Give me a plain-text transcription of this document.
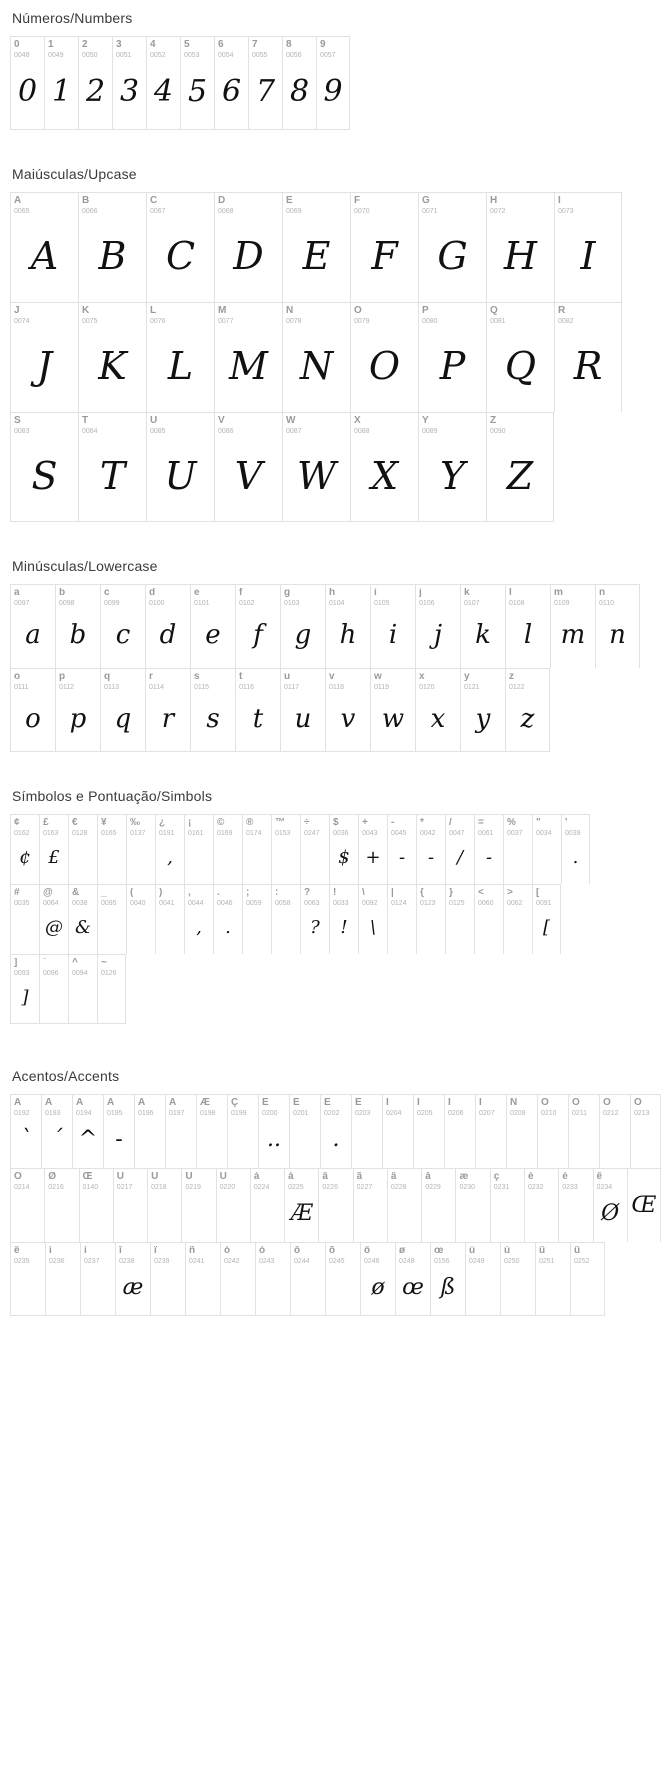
Números/Numbers
0
0048
0
1
0049
1
2
0050
2
3
0051
3
4
0052
4
5
0053
5
6
0054
6
7
0055
7
8
0056
8
9
0057
9
Maiúsculas/Upcase
A
0065
A
B
0066
B
C
0067
C
D
0068
D
E
0069
E
F
0070
F
G
0071
G
H
0072
H
I
0073
I
J
0074
J
K
0075
K
L
0076
L
M
0077
M
N
0078
N
O
0079
O
P
0080
P
Q
0081
Q
R
0082
R
S
0083
S
T
0084
T
U
0085
U
V
0086
V
W
0087
W
X
0088
X
Y
0089
Y
Z
0090
Z
Minúsculas/Lowercase
a
0097
a
b
0098
b
c
0099
c
d
0100
d
e
0101
e
f
0102
f
g
0103
g
h
0104
h
i
0105
i
j
0106
j
k
0107
k
l
0108
l
m
0109
m
n
0110
n
o
0111
o
p
0112
p
q
0113
q
r
0114
r
s
0115
s
t
0116
t
u
0117
u
v
0118
v
w
0119
w
x
0120
x
y
0121
y
z
0122
z
Símbolos e Pontuação/Simbols
¢
0162
¢
£
0163
£
€
0128
¥
0165
‰
0137
¿
0191
,
¡
0161
©
0169
®
0174
™
0153
÷
0247
$
0036
$
+
0043
+
-
0045
-
*
0042
-
/
0047
/
=
0061
-
%
0037
"
0034
'
0039
.
#
0035
@
0064
@
&
0038
&
_
0095
(
0040
)
0041
,
0044
,
.
0046
.
;
0059
:
0058
?
0063
?
!
0033
!
\
0092
\
|
0124
{
0123
}
0125
<
0060
>
0062
[
0091
[
]
0093
]
`
0096
^
0094
~
0126
Acentos/Accents
À
0192
`
Á
0193
´
Â
0194
^
Ã
0195
-
Ä
0196
Å
0197
Æ
0198
Ç
0199
È
0200
..
É
0201
Ê
0202
.
Ë
0203
Ì
0204
Í
0205
Î
0206
Ï
0207
Ñ
0209
Ò
0210
Ó
0211
Ô
0212
Õ
0213
Ö
0214
Ø
0216
Œ
0140
Ù
0217
Ú
0218
Û
0219
Ü
0220
à
0224
á
0225
Æ
â
0226
ã
0227
ä
0228
å
0229
æ
0230
ç
0231
è
0232
é
0233
ê
0234
Ø Œ
ë
0235
ì
0236
í
0237
î
0238
æ
ï
0239
ñ
0241
ò
0242
ó
0243
ô
0244
õ
0245
ö
0246
ø
ø
0248
œ
œ
0156
ß
ù
0249
ú
0250
û
0251
ü
0252
